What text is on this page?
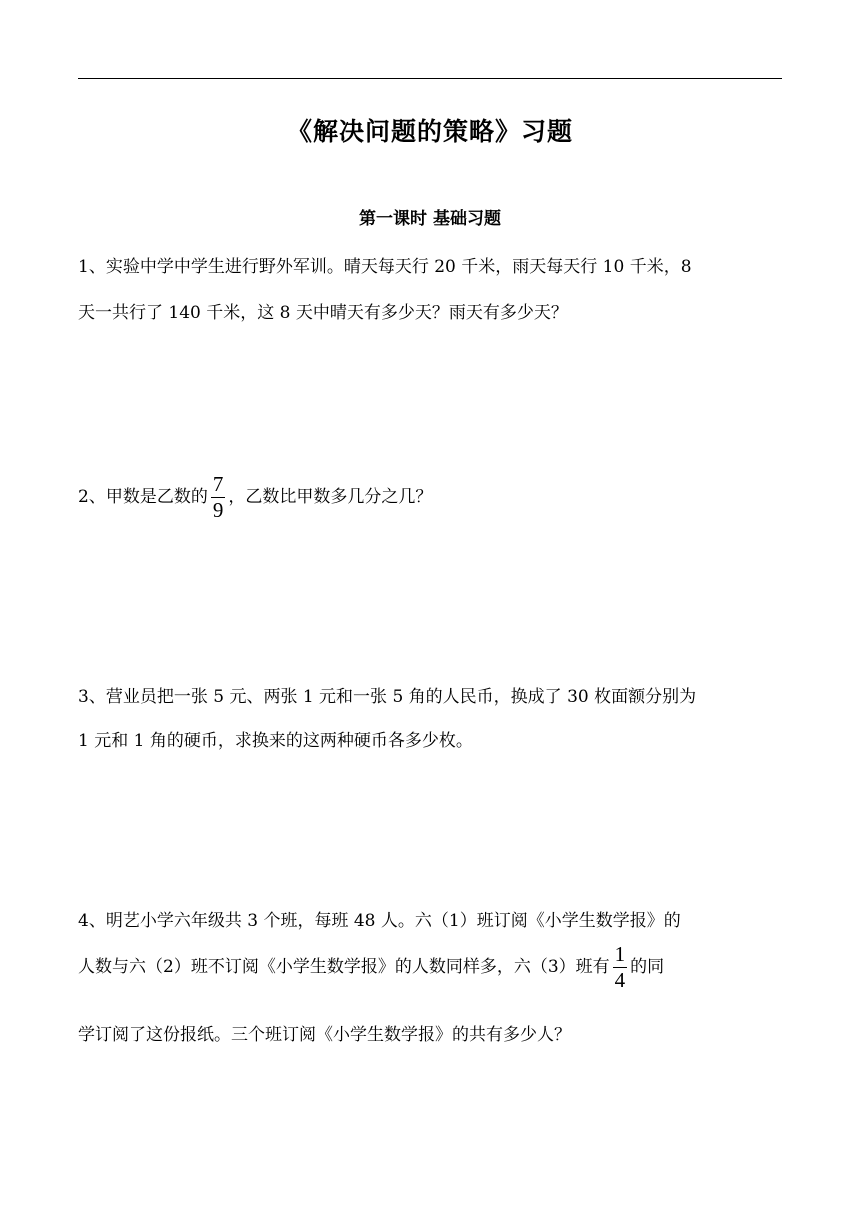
《解决问题的策略》习题
第一课时 基础习题
1、实验中学中学生进行野外军训。晴天每天行 20 千米，雨天每天行 10 千米，8
天一共行了 140 千米，这 8 天中晴天有多少天？雨天有多少天？
2、甲数是乙数的 $\frac{7}{9}$ ，乙数比甲数多几分之几？
3、营业员把一张 5 元、两张 1 元和一张 5 角的人民币，换成了 30 枚面额分别为
1 元和 1 角的硬币，求换来的这两种硬币各多少枚。
4、明艺小学六年级共 3 个班，每班 48 人。六（1）班订阅《小学生数学报》的
人数与六（2）班不订阅《小学生数学报》的人数同样多，六（3）班有 $\frac{1}{4}$ 的同
学订阅了这份报纸。三个班订阅《小学生数学报》的共有多少人？
